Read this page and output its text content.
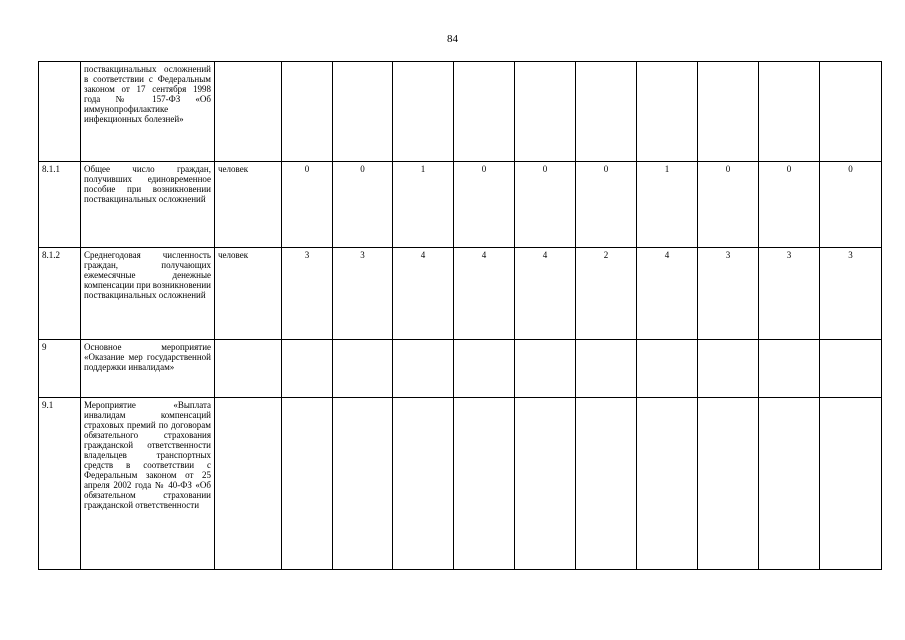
84
	поствакцинальных осложнений в соответствии с Федеральным законом от 17 сентября 1998 года № 157-ФЗ «Об иммунопрофилактике инфекционных болезней»											
8.1.1	Общее число граждан, получивших единовременное пособие при возникновении поствакцинальных осложнений	человек	0	0	1	0	0	0	1	0	0	0
8.1.2	Среднегодовая численность граждан, получающих ежемесячные денежные компенсации при возникновении поствакцинальных осложнений	человек	3	3	4	4	4	2	4	3	3	3
9	Основное мероприятие «Оказание мер государственной поддержки инвалидам»											
9.1	Мероприятие «Выплата инвалидам компенсаций страховых премий по договорам обязательного страхования гражданской ответственности владельцев транспортных средств в соответствии с Федеральным законом от 25 апреля 2002 года № 40-ФЗ «Об обязательном страховании гражданской ответственности											
